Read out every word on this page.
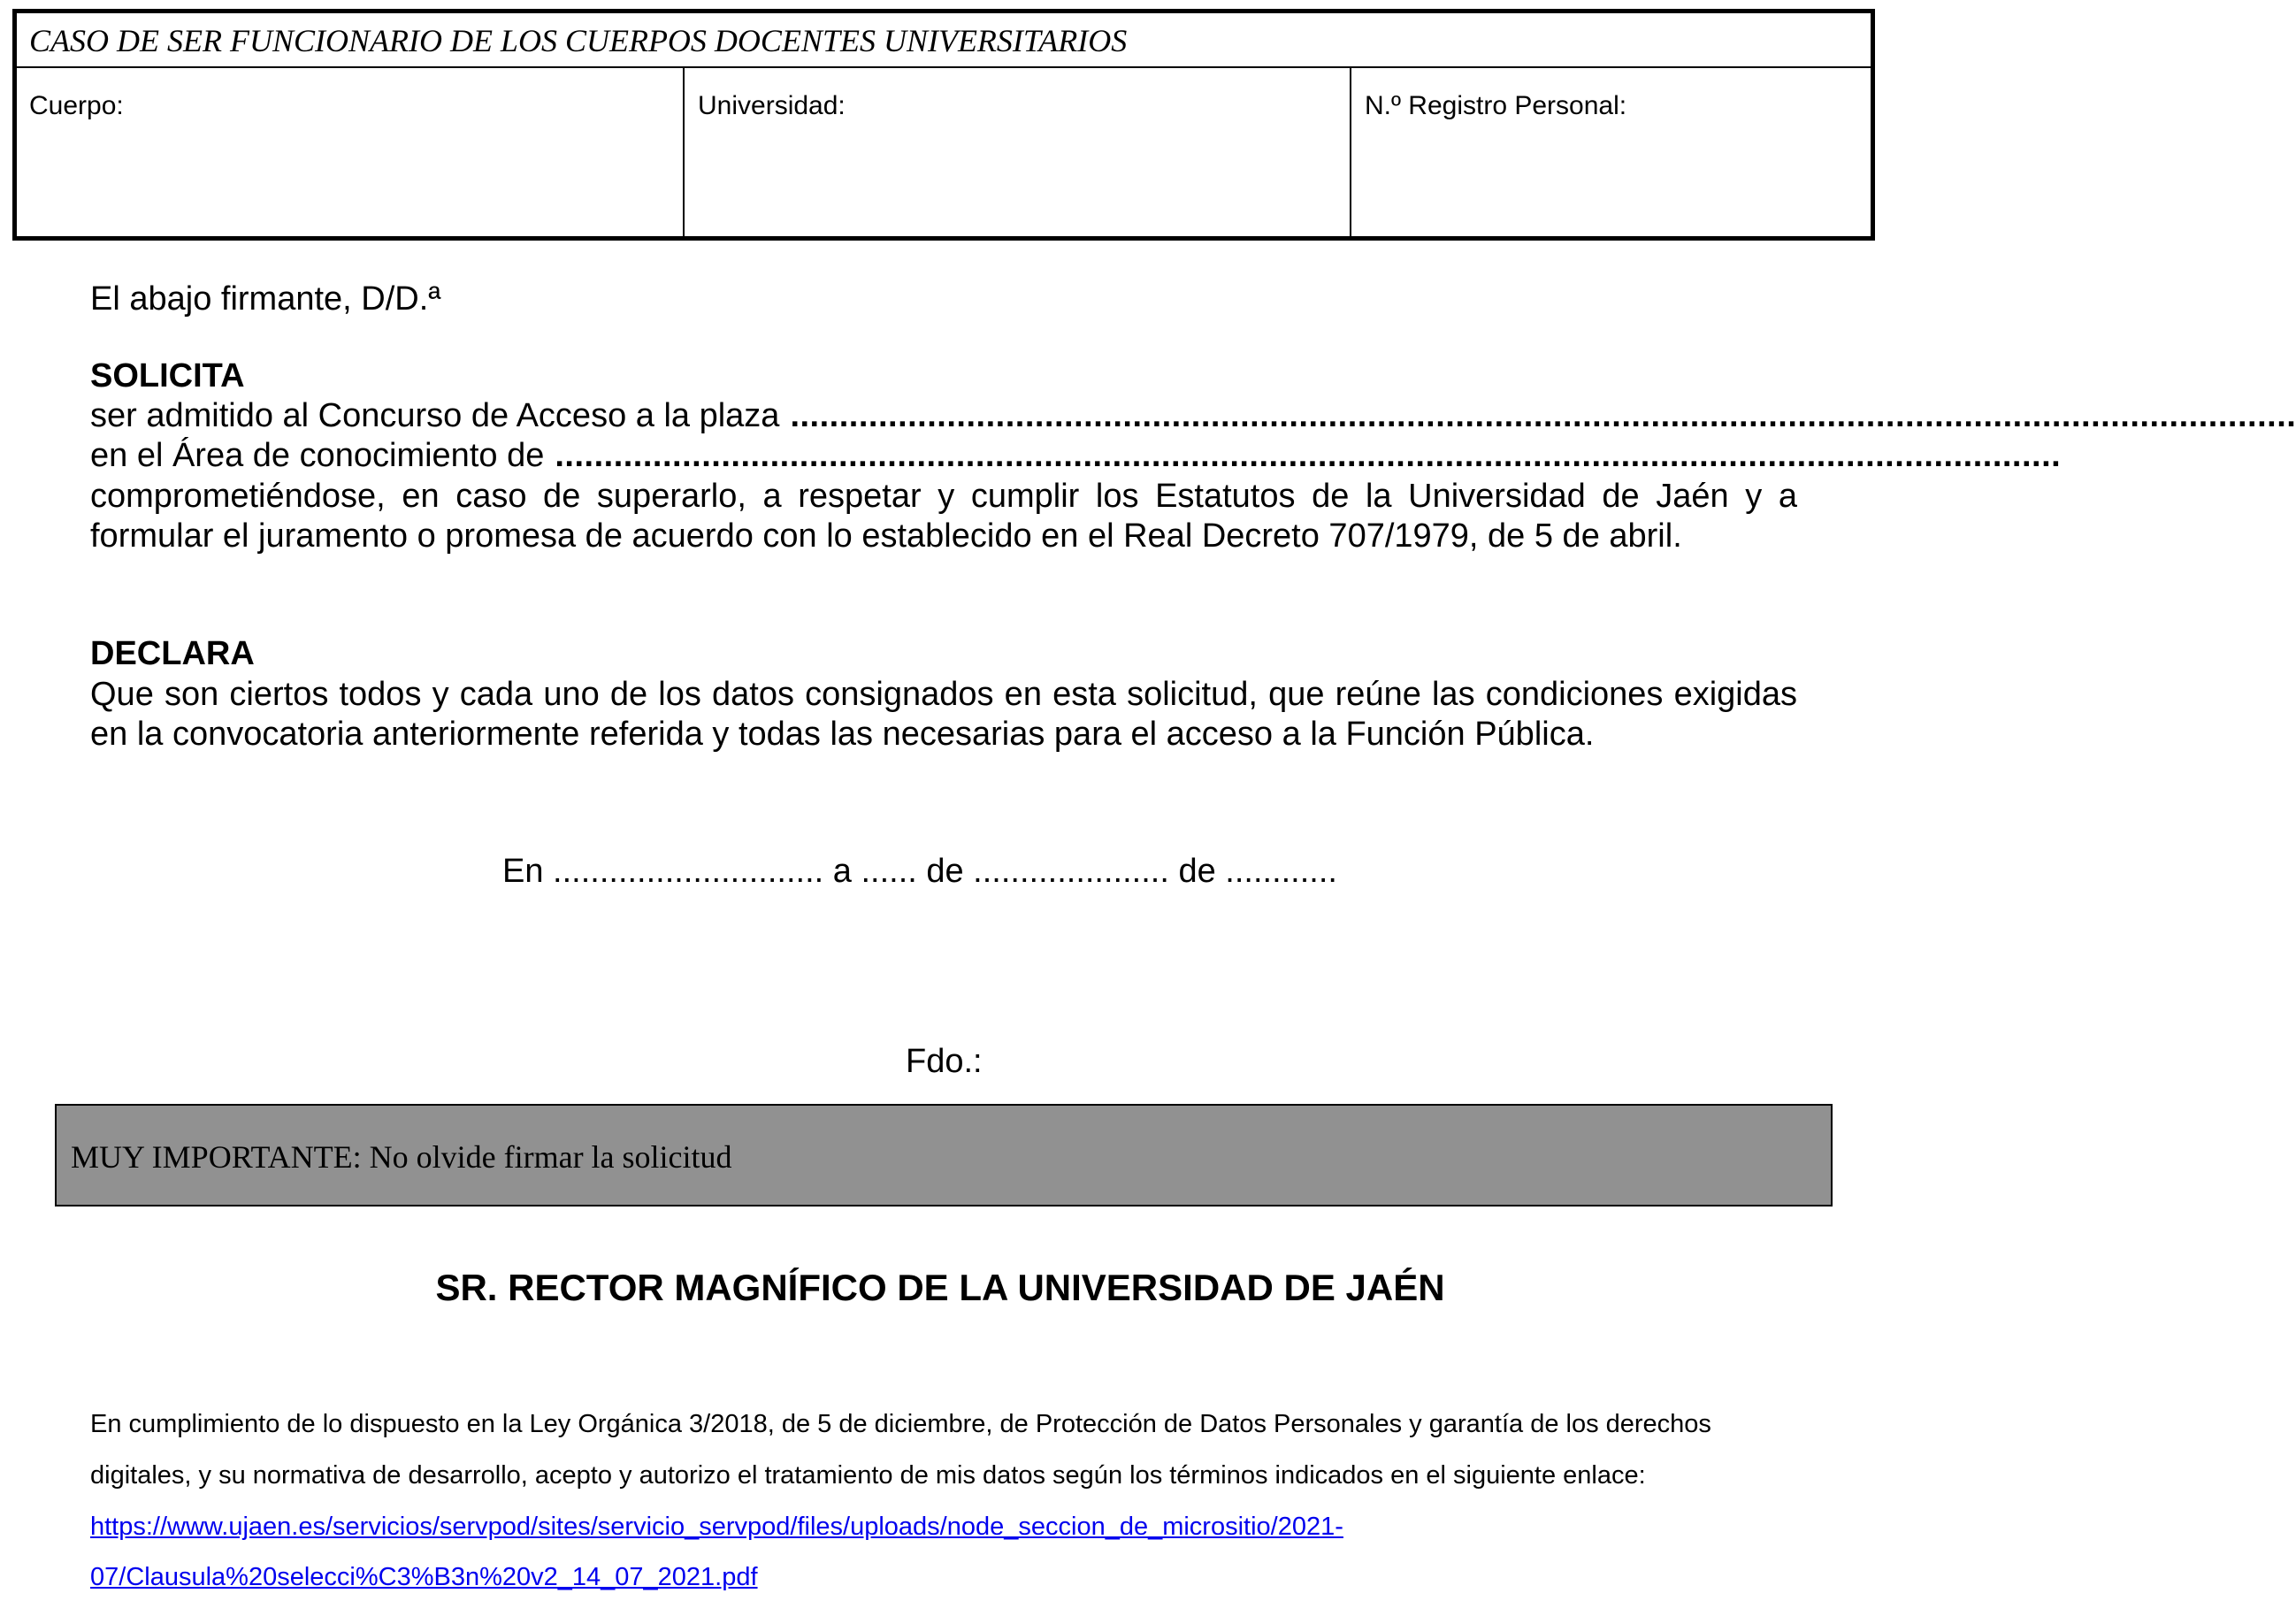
CASO DE SER FUNCIONARIO DE LOS CUERPOS DOCENTES UNIVERSITARIOS
Cuerpo:	Universidad:	N.º Registro Personal:
El abajo firmante, D/D.ª
SOLICITA
ser admitido al Concurso de Acceso a la plaza ..........................................................................................................................................................
en el Área de conocimiento de ..........................................................................................................................................................
comprometiéndose, en caso de superarlo, a respetar y cumplir los Estatutos de la Universidad de Jaén y a
formular el juramento o promesa de acuerdo con lo establecido en el Real Decreto 707/1979, de 5 de abril.
DECLARA
Que son ciertos todos y cada uno de los datos consignados en esta solicitud, que reúne las condiciones exigidas
en la convocatoria anteriormente referida y todas las necesarias para el acceso a la Función Pública.
En ............................. a ...... de ..................... de ............
Fdo.:
MUY IMPORTANTE: No olvide firmar la solicitud
SR. RECTOR MAGNÍFICO DE LA UNIVERSIDAD DE JAÉN
En cumplimiento de lo dispuesto en la Ley Orgánica 3/2018, de 5 de diciembre, de Protección de Datos Personales y garantía de los derechos
digitales, y su normativa de desarrollo, acepto y autorizo el tratamiento de mis datos según los términos indicados en el siguiente enlace:
https://www.ujaen.es/servicios/servpod/sites/servicio_servpod/files/uploads/node_seccion_de_micrositio/2021-
07/Clausula%20selecci%C3%B3n%20v2_14_07_2021.pdf
